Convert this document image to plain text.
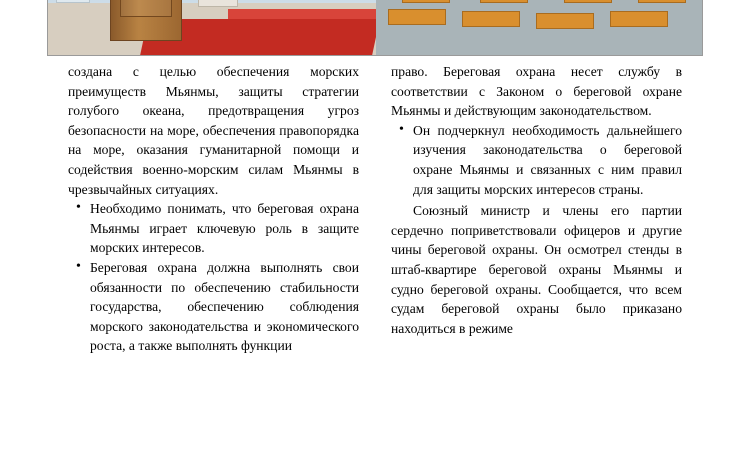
создана с целью обеспечения морских преимуществ Мьянмы, защиты стратегии голубого океана, предотвращения угроз безопасности на море, обеспечения правопорядка на море, оказания гуманитарной помощи и содействия военно-морским силам Мьянмы в чрезвычайных ситуациях.

• Необходимо понимать, что береговая охрана Мьянмы играет ключевую роль в защите морских интересов.
• Береговая охрана должна выполнять свои обязанности по обеспечению стабильности государства, обеспечению соблюдения морского законодательства и экономического роста, а также выполнять функции

право. Береговая охрана несет службу в соответствии с Законом о береговой охране Мьянмы и действующим законодательством.

• Он подчеркнул необходимость дальнейшего изучения законодательства о береговой охране Мьянмы и связанных с ним правил для защиты морских интересов страны.

Союзный министр и члены его партии сердечно поприветствовали офицеров и другие чины береговой охраны. Он осмотрел стенды в штаб-квартире береговой охраны Мьянмы и судно береговой охраны. Сообщается, что всем судам береговой охраны было приказано находиться в режиме
